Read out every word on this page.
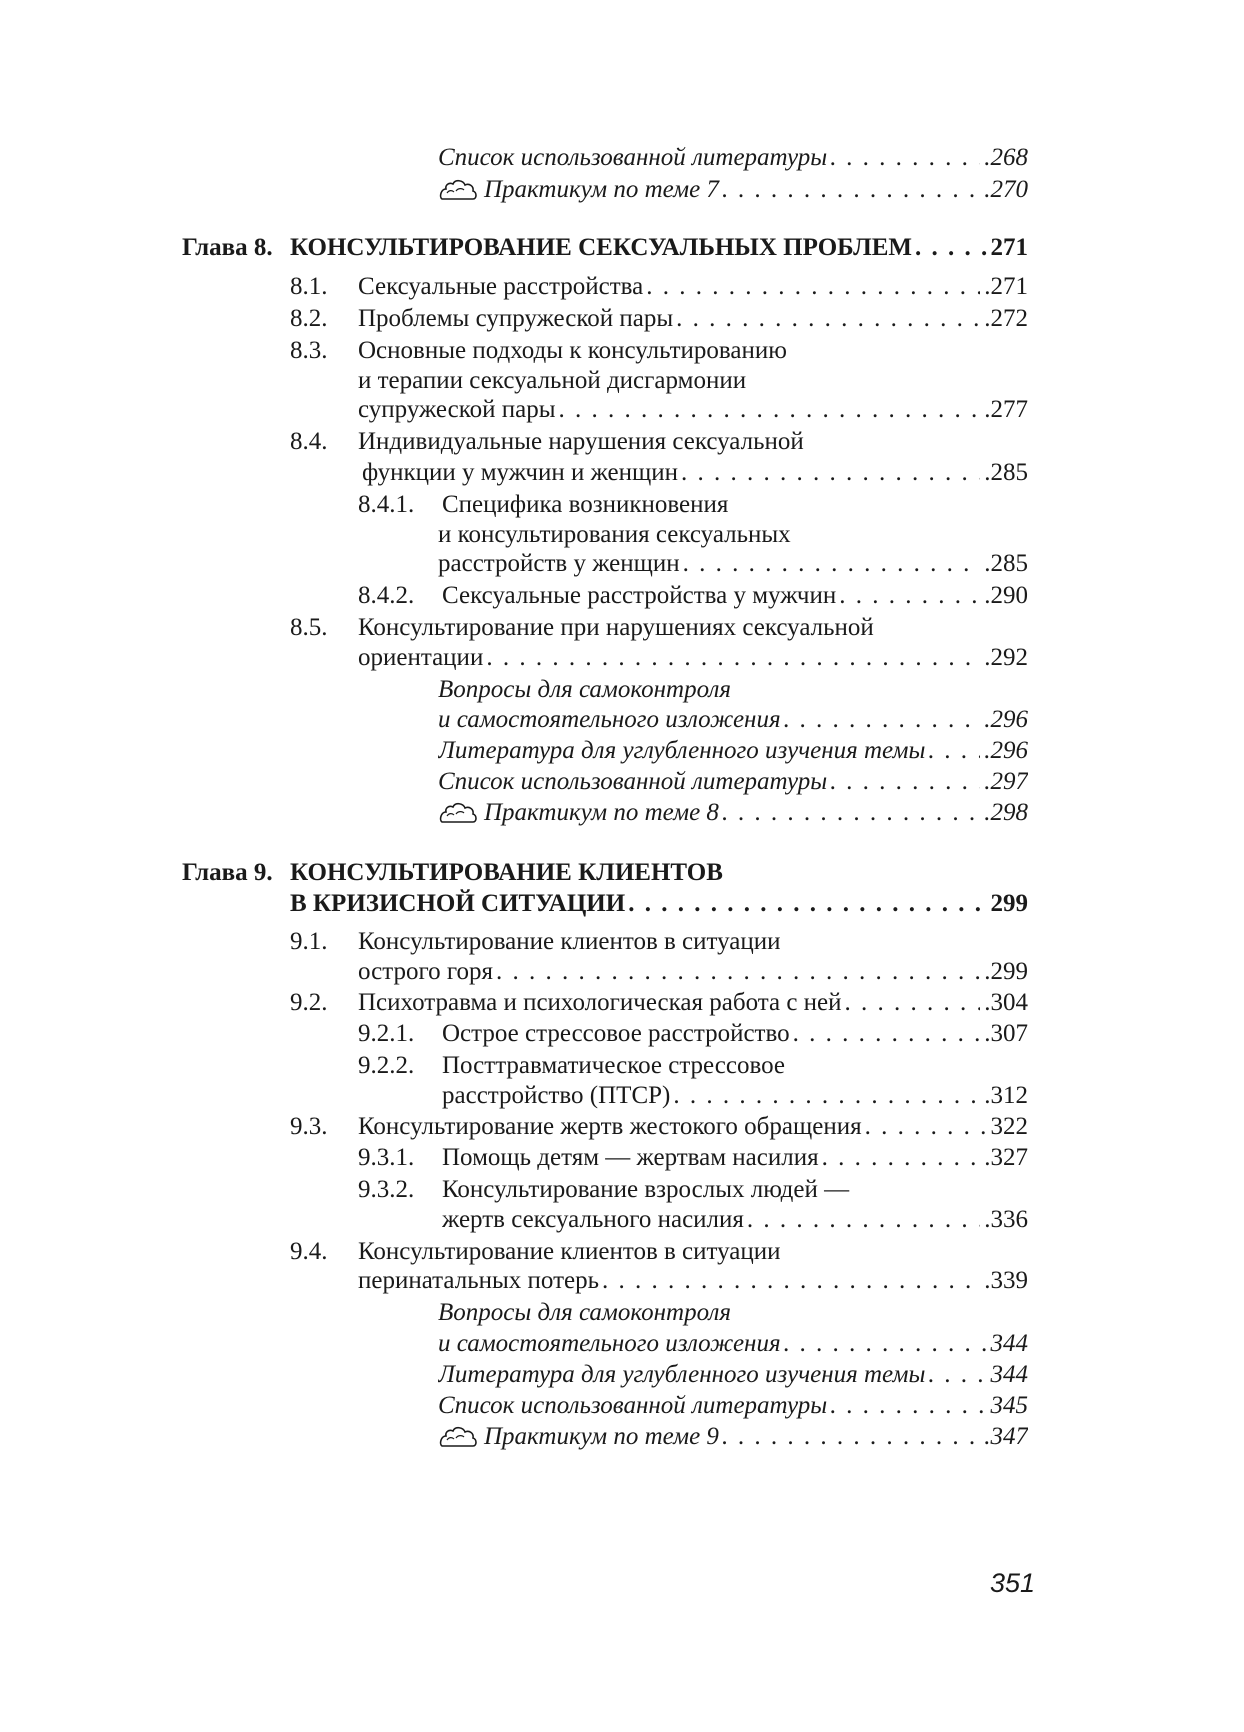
Список использованной литературы . . .	.268
Практикум по теме 7 . . .	.270
Глава 8. КОНСУЛЬТИРОВАНИЕ СЕКСУАЛЬНЫХ ПРОБЛЕМ . . .	271
8.1. Сексуальные расстройства . . .	.271
8.2. Проблемы супружеской пары . . .	.272
8.3. Основные подходы к консультированию
и терапии сексуальной дисгармонии
супружеской пары . . .	.277
8.4. Индивидуальные нарушения сексуальной
функции у мужчин и женщин . . .	.285
8.4.1. Специфика возникновения
и консультирования сексуальных
расстройств у женщин . . .	.285
8.4.2. Сексуальные расстройства у мужчин . . .	.290
8.5. Консультирование при нарушениях сексуальной
ориентации . . .	.292
Вопросы для самоконтроля
и самостоятельного изложения . . .	.296
Литература для углубленного изучения темы . . . .296
Список использованной литературы . . .	.297
Практикум по теме 8 . . .	.298
Глава 9. КОНСУЛЬТИРОВАНИЕ КЛИЕНТОВ
В КРИЗИСНОЙ СИТУАЦИИ . . .	299
9.1. Консультирование клиентов в ситуации
острого горя . . .	.299
9.2. Психотравма и психологическая работа с ней . . .	.304
9.2.1. Острое стрессовое расстройство . . .	.307
9.2.2. Посттравматическое стрессовое
расстройство (ПТСР) . . .	.312
9.3. Консультирование жертв жестокого обращения . . .	322
9.3.1. Помощь детям — жертвам насилия . . .	.327
9.3.2. Консультирование взрослых людей —
жертв сексуального насилия . . .	.336
9.4. Консультирование клиентов в ситуации
перинатальных потерь . . .	.339
Вопросы для самоконтроля
и самостоятельного изложения . . .	344
Литература для углубленного изучения темы . . .	344
Список использованной литературы . . .	345
Практикум по теме 9 . . .	.347
351
